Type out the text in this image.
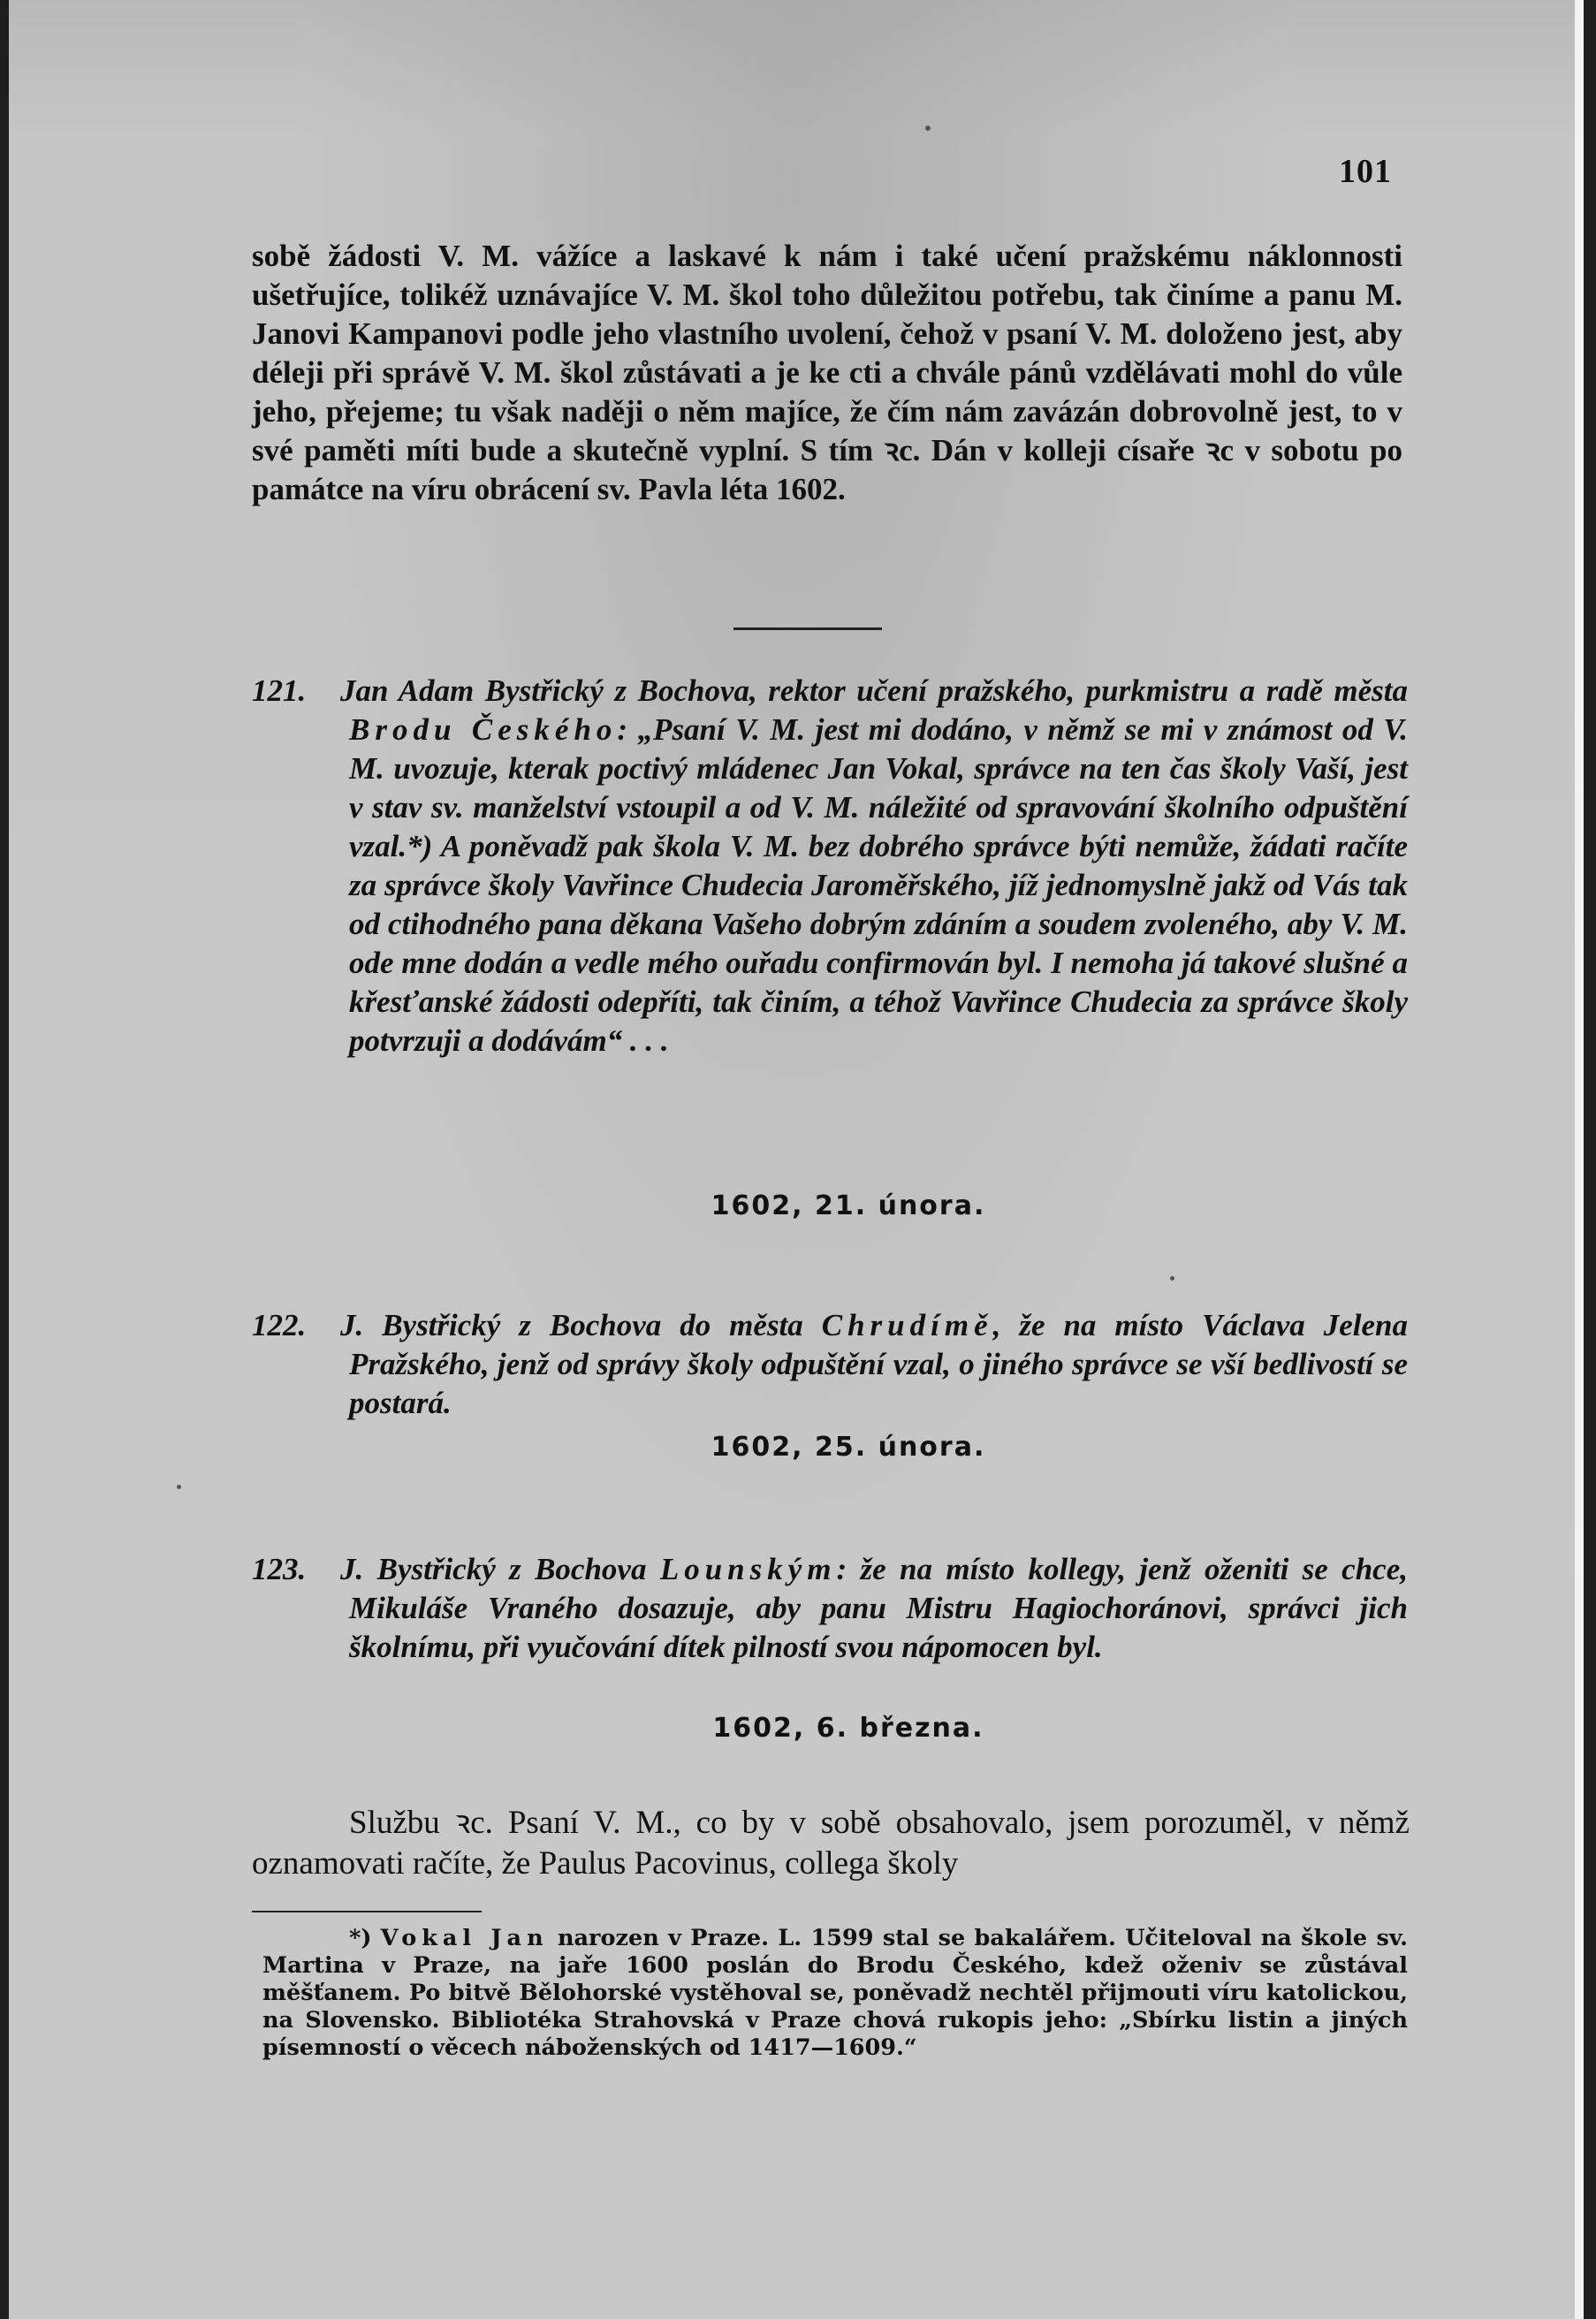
101

sobě žádosti V. M. vážíce a laskavé k nám i také učení pražskému náklonnosti ušetřujíce, tolikéž uznávajíce V. M. škol toho důležitou potřebu, tak činíme a panu M. Janovi Kampanovi podle jeho vlastního uvolení, čehož v psaní V. M. doloženo jest, aby déleji při správě V. M. škol zůstávati a je ke cti a chvále pánů vzdělávati mohl do vůle jeho, přejeme; tu však naději o něm majíce, že čím nám zavázán dobrovolně jest, to v své paměti míti bude a skutečně vyplní. S tím ꝛc. Dán v kolleji císaře ꝛc v sobotu po památce na víru obrácení sv. Pavla léta 1602.

121. Jan Adam Bystřický z Bochova, rektor učení pražského, purkmistru a radě města Brodu Českého: „Psaní V. M. jest mi dodáno, v němž se mi v známost od V. M. uvozuje, kterak poctivý mládenec Jan Vokal, správce na ten čas školy Vaší, jest v stav sv. manželství vstoupil a od V. M. náležité od spravování školního odpuštění vzal.*) A poněvadž pak škola V. M. bez dobrého správce býti nemůže, žádati račíte za správce školy Vavřince Chudecia Jaroměřského, jíž jednomyslně jakž od Vás tak od ctihodného pana děkana Vašeho dobrým zdáním a soudem zvoleného, aby V. M. ode mne dodán a vedle mého ouřadu confirmován byl. I nemoha já takové slušné a křesťanské žádosti odepříti, tak činím, a téhož Vavřince Chudecia za správce školy potvrzuji a dodávám“ . . .
1602, 21. února.
122. J. Bystřický z Bochova do města Chrudímě, že na místo Václava Jelena Pražského, jenž od správy školy odpuštění vzal, o jiného správce se vší bedlivostí se postará.
1602, 25. února.
123. J. Bystřický z Bochova Lounským: že na místo kollegy, jenž oženiti se chce, Mikuláše Vraného dosazuje, aby panu Mistru Hagiochoránovi, správci jich školnímu, při vyučování dítek pilností svou nápomocen byl.
1602, 6. března.
Službu ꝛc. Psaní V. M., co by v sobě obsahovalo, jsem porozuměl, v němž oznamovati račíte, že Paulus Pacovinus, collega školy
*) Vokal Jan narozen v Praze. L. 1599 stal se bakalářem. Učiteloval na škole sv. Martina v Praze, na jaře 1600 poslán do Brodu Českého, kdež oženiv se zůstával měšťanem. Po bitvě Bělohorské vystěhoval se, poněvadž nechtěl přijmouti víru katolickou, na Slovensko. Bibliotéka Strahovská v Praze chová rukopis jeho: „Sbírku listin a jiných písemností o věcech náboženských od 1417—1609.“
